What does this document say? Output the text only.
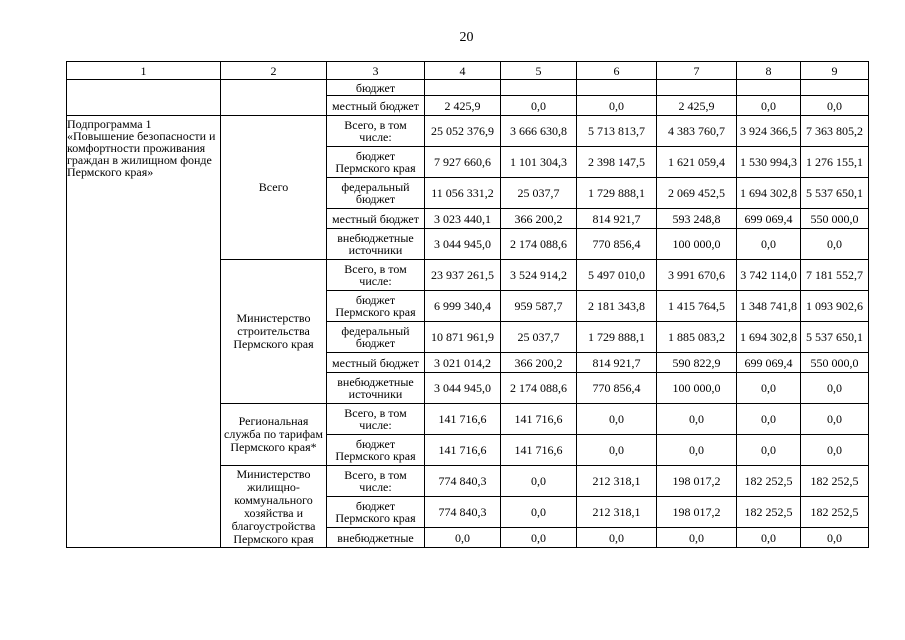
20
1	2	3	4	5	6	7	8	9
		бюджет						
		местный бюджет	2 425,9	0,0	0,0	2 425,9	0,0	0,0
Подпрограмма 1 «Повышение безопасности и комфортности проживания граждан в жилищном фонде Пермского края»	Всего	Всего, в том числе:	25 052 376,9	3 666 630,8	5 713 813,7	4 383 760,7	3 924 366,5	7 363 805,2
		бюджет Пермского края	7 927 660,6	1 101 304,3	2 398 147,5	1 621 059,4	1 530 994,3	1 276 155,1
		федеральный бюджет	11 056 331,2	25 037,7	1 729 888,1	2 069 452,5	1 694 302,8	5 537 650,1
		местный бюджет	3 023 440,1	366 200,2	814 921,7	593 248,8	699 069,4	550 000,0
		внебюджетные источники	3 044 945,0	2 174 088,6	770 856,4	100 000,0	0,0	0,0
	Министерство строительства Пермского края	Всего, в том числе:	23 937 261,5	3 524 914,2	5 497 010,0	3 991 670,6	3 742 114,0	7 181 552,7
		бюджет Пермского края	6 999 340,4	959 587,7	2 181 343,8	1 415 764,5	1 348 741,8	1 093 902,6
		федеральный бюджет	10 871 961,9	25 037,7	1 729 888,1	1 885 083,2	1 694 302,8	5 537 650,1
		местный бюджет	3 021 014,2	366 200,2	814 921,7	590 822,9	699 069,4	550 000,0
		внебюджетные источники	3 044 945,0	2 174 088,6	770 856,4	100 000,0	0,0	0,0
	Региональная служба по тарифам Пермского края*	Всего, в том числе:	141 716,6	141 716,6	0,0	0,0	0,0	0,0
		бюджет Пермского края	141 716,6	141 716,6	0,0	0,0	0,0	0,0
	Министерство жилищно-коммунального хозяйства и благоустройства Пермского края	Всего, в том числе:	774 840,3	0,0	212 318,1	198 017,2	182 252,5	182 252,5
		бюджет Пермского края	774 840,3	0,0	212 318,1	198 017,2	182 252,5	182 252,5
		внебюджетные	0,0	0,0	0,0	0,0	0,0	0,0
